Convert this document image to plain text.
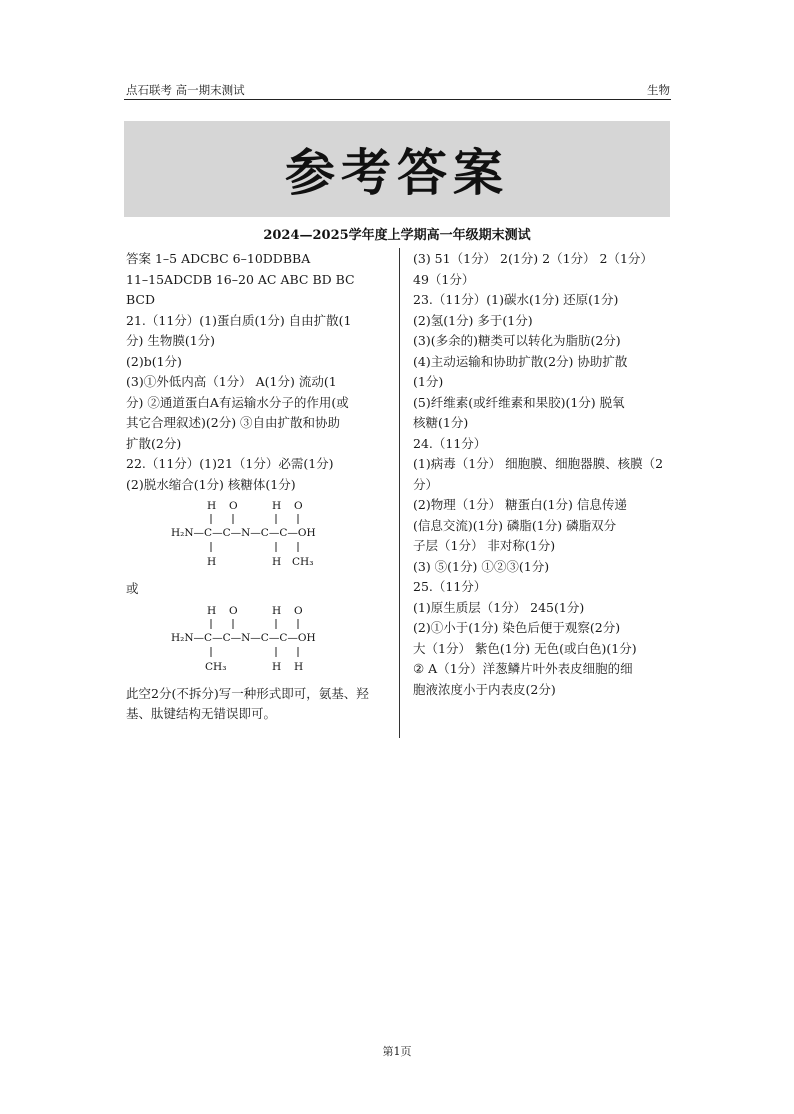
点石联考 高一期末测试	生物
参考答案
2024—2025学年度上学期高一年级期末测试

答案 1–5 ADCBC 6–10DDBBA

11–15ADCDB 16–20 AC ABC BD BC

BCD

21.（11分）(1)蛋白质(1分) 自由扩散(1

分) 生物膜(1分)

(2)b(1分)

(3)①外低内高（1分） A(1分) 流动(1

分) ②通道蛋白A有运输水分子的作用(或

其它合理叙述)(2分) ③自由扩散和协助

扩散(2分)

22.（11分）(1)21（1分）必需(1分)

(2)脱水缩合(1分) 核糖体(1分)

H O	H O
H₂N—C—C—N—C—C—OH
H	H CH₃

或

H O	H O
H₂N—C—C—N—C—C—OH
CH₃	H H

此空2分(不拆分)写一种形式即可，氨基、羟

基、肽键结构无错误即可。

(3) 51（1分） 2(1分) 2（1分） 2（1分）

49（1分）

23.（11分）(1)碳水(1分) 还原(1分)

(2)氢(1分) 多于(1分)

(3)(多余的)糖类可以转化为脂肪(2分)

(4)主动运输和协助扩散(2分) 协助扩散

(1分)

(5)纤维素(或纤维素和果胶)(1分) 脱氧

核糖(1分)

24.（11分）

(1)病毒（1分） 细胞膜、细胞器膜、核膜（2

分）

(2)物理（1分） 糖蛋白(1分) 信息传递

(信息交流)(1分) 磷脂(1分) 磷脂双分

子层（1分） 非对称(1分)

(3) ⑤(1分) ①②③(1分)

25.（11分）

(1)原生质层（1分） 245(1分)

(2)①小于(1分) 染色后便于观察(2分)

大（1分） 紫色(1分) 无色(或白色)(1分)

② A（1分）洋葱鳞片叶外表皮细胞的细

胞液浓度小于内表皮(2分)

第1页
